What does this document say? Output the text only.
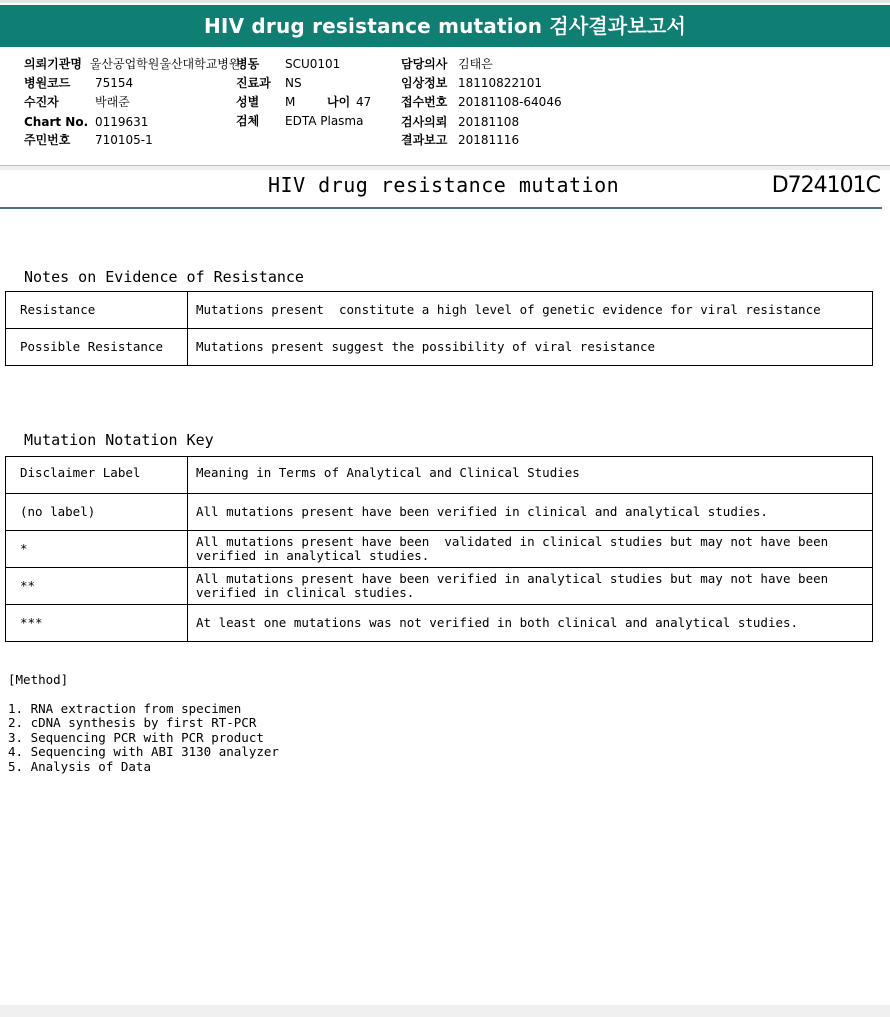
HIV drug resistance mutation 검사결과보고서
의뢰기관명 울산공업학원울산대학교병원
병원코드 75154
수진자	박래준
Chart No. 0119631
주민번호 710105-1
병동 SCU0101
진료과 NS
성별 M	나이 47
검체 EDTA Plasma
담당의사 김태은
임상정보 18110822101
접수번호 20181108-64046
검사의뢰 20181108
결과보고 20181116
HIV drug resistance mutation	D724101C
Notes on Evidence of Resistance
Resistance	Mutations present  constitute a high level of genetic evidence for viral resistance
Possible Resistance	Mutations present suggest the possibility of viral resistance
Mutation Notation Key
Disclaimer Label	Meaning in Terms of Analytical and Clinical Studies
(no label)	All mutations present have been verified in clinical and analytical studies.
*	All mutations present have been  validated in clinical studies but may not have been verified in analytical studies.
**	All mutations present have been verified in analytical studies but may not have been verified in clinical studies.
***	At least one mutations was not verified in both clinical and analytical studies.
[Method]
1. RNA extraction from specimen
2. cDNA synthesis by first RT-PCR
3. Sequencing PCR with PCR product
4. Sequencing with ABI 3130 analyzer
5. Analysis of Data
